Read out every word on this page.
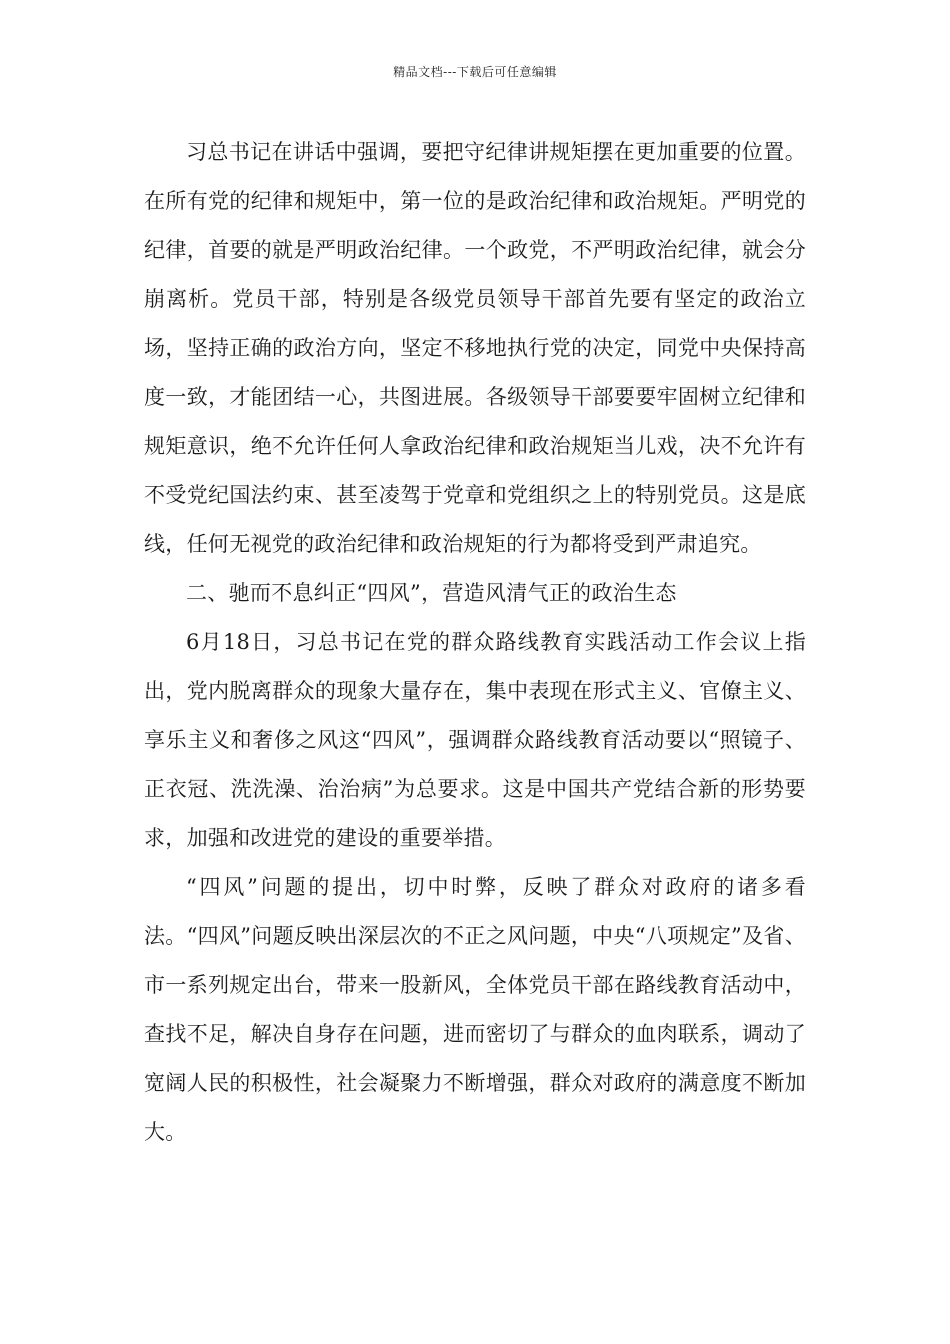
精品文档---下载后可任意编辑

习总书记在讲话中强调，要把守纪律讲规矩摆在更加重要的位置。在所有党的纪律和规矩中，第一位的是政治纪律和政治规矩。严明党的纪律，首要的就是严明政治纪律。一个政党，不严明政治纪律，就会分崩离析。党员干部，特别是各级党员领导干部首先要有坚定的政治立场，坚持正确的政治方向，坚定不移地执行党的决定，同党中央保持高度一致，才能团结一心，共图进展。各级领导干部要要牢固树立纪律和规矩意识，绝不允许任何人拿政治纪律和政治规矩当儿戏，决不允许有不受党纪国法约束、甚至凌驾于党章和党组织之上的特别党员。这是底线，任何无视党的政治纪律和政治规矩的行为都将受到严肃追究。

二、驰而不息纠正“四风”，营造风清气正的政治生态

6月18日，习总书记在党的群众路线教育实践活动工作会议上指出，党内脱离群众的现象大量存在，集中表现在形式主义、官僚主义、享乐主义和奢侈之风这“四风”，强调群众路线教育活动要以“照镜子、正衣冠、洗洗澡、治治病”为总要求。这是中国共产党结合新的形势要求，加强和改进党的建设的重要举措。

“四风”问题的提出，切中时弊，反映了群众对政府的诸多看法。“四风”问题反映出深层次的不正之风问题，中央“八项规定”及省、市一系列规定出台，带来一股新风，全体党员干部在路线教育活动中，查找不足，解决自身存在问题，进而密切了与群众的血肉联系，调动了宽阔人民的积极性，社会凝聚力不断增强，群众对政府的满意度不断加大。
